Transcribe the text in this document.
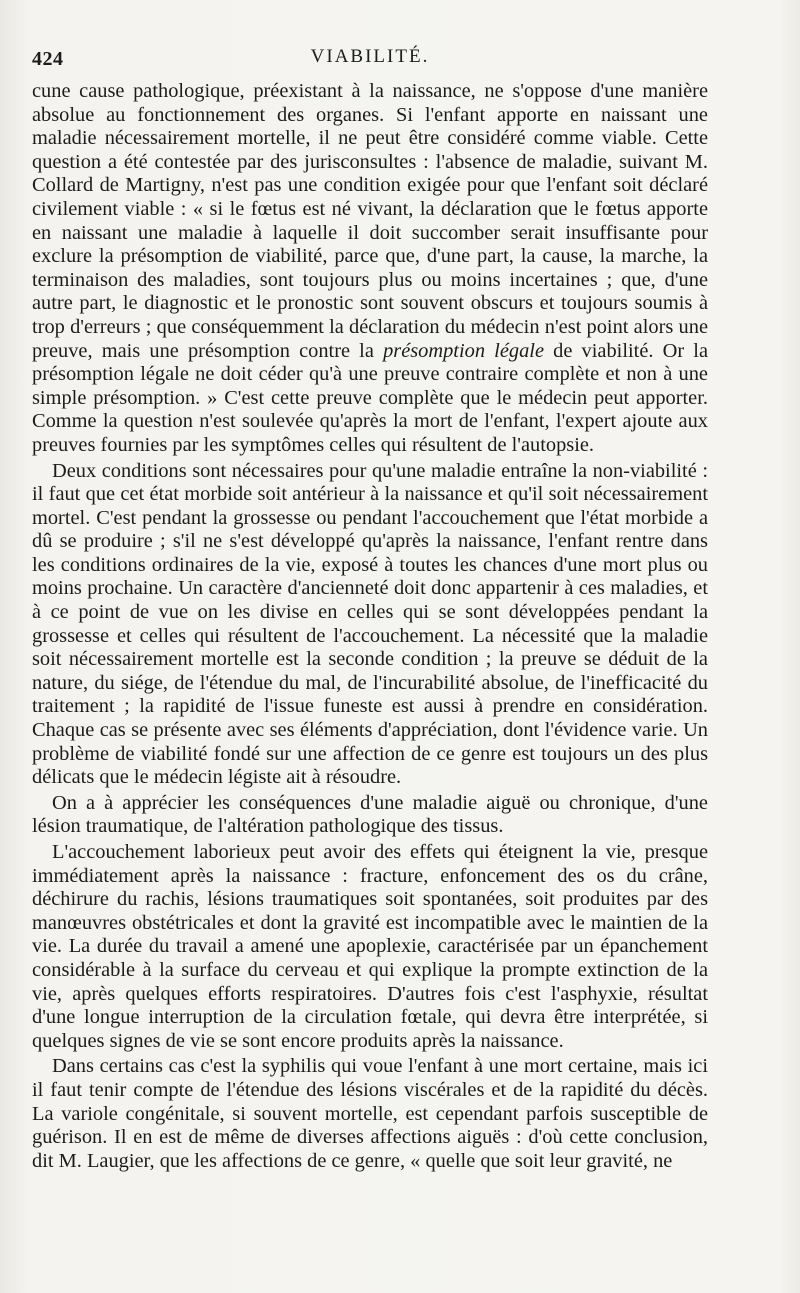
424	VIABILITÉ.

cune cause pathologique, préexistant à la naissance, ne s'oppose d'une manière absolue au fonctionnement des organes. Si l'enfant apporte en naissant une maladie nécessairement mortelle, il ne peut être considéré comme viable. Cette question a été contestée par des jurisconsultes : l'absence de maladie, suivant M. Collard de Martigny, n'est pas une condition exigée pour que l'enfant soit déclaré civilement viable : « si le fœtus est né vivant, la déclaration que le fœtus apporte en naissant une maladie à laquelle il doit succomber serait insuffisante pour exclure la présomption de viabilité, parce que, d'une part, la cause, la marche, la terminaison des maladies, sont toujours plus ou moins incertaines ; que, d'une autre part, le diagnostic et le pronostic sont souvent obscurs et toujours soumis à trop d'erreurs ; que conséquemment la déclaration du médecin n'est point alors une preuve, mais une présomption contre la présomption légale de viabilité. Or la présomption légale ne doit céder qu'à une preuve contraire complète et non à une simple présomption. » C'est cette preuve complète que le médecin peut apporter. Comme la question n'est soulevée qu'après la mort de l'enfant, l'expert ajoute aux preuves fournies par les symptômes celles qui résultent de l'autopsie.

Deux conditions sont nécessaires pour qu'une maladie entraîne la non-viabilité : il faut que cet état morbide soit antérieur à la naissance et qu'il soit nécessairement mortel. C'est pendant la grossesse ou pendant l'accouchement que l'état morbide a dû se produire ; s'il ne s'est développé qu'après la naissance, l'enfant rentre dans les conditions ordinaires de la vie, exposé à toutes les chances d'une mort plus ou moins prochaine. Un caractère d'ancienneté doit donc appartenir à ces maladies, et à ce point de vue on les divise en celles qui se sont développées pendant la grossesse et celles qui résultent de l'accouchement. La nécessité que la maladie soit nécessairement mortelle est la seconde condition ; la preuve se déduit de la nature, du siége, de l'étendue du mal, de l'incurabilité absolue, de l'inefficacité du traitement ; la rapidité de l'issue funeste est aussi à prendre en considération. Chaque cas se présente avec ses éléments d'appréciation, dont l'évidence varie. Un problème de viabilité fondé sur une affection de ce genre est toujours un des plus délicats que le médecin légiste ait à résoudre.

On a à apprécier les conséquences d'une maladie aiguë ou chronique, d'une lésion traumatique, de l'altération pathologique des tissus.

L'accouchement laborieux peut avoir des effets qui éteignent la vie, presque immédiatement après la naissance : fracture, enfoncement des os du crâne, déchirure du rachis, lésions traumatiques soit spontanées, soit produites par des manœuvres obstétricales et dont la gravité est incompatible avec le maintien de la vie. La durée du travail a amené une apoplexie, caractérisée par un épanchement considérable à la surface du cerveau et qui explique la prompte extinction de la vie, après quelques efforts respiratoires. D'autres fois c'est l'asphyxie, résultat d'une longue interruption de la circulation fœtale, qui devra être interprétée, si quelques signes de vie se sont encore produits après la naissance.

Dans certains cas c'est la syphilis qui voue l'enfant à une mort certaine, mais ici il faut tenir compte de l'étendue des lésions viscérales et de la rapidité du décès. La variole congénitale, si souvent mortelle, est cependant parfois susceptible de guérison. Il en est de même de diverses affections aiguës : d'où cette conclusion, dit M. Laugier, que les affections de ce genre, « quelle que soit leur gravité, ne
